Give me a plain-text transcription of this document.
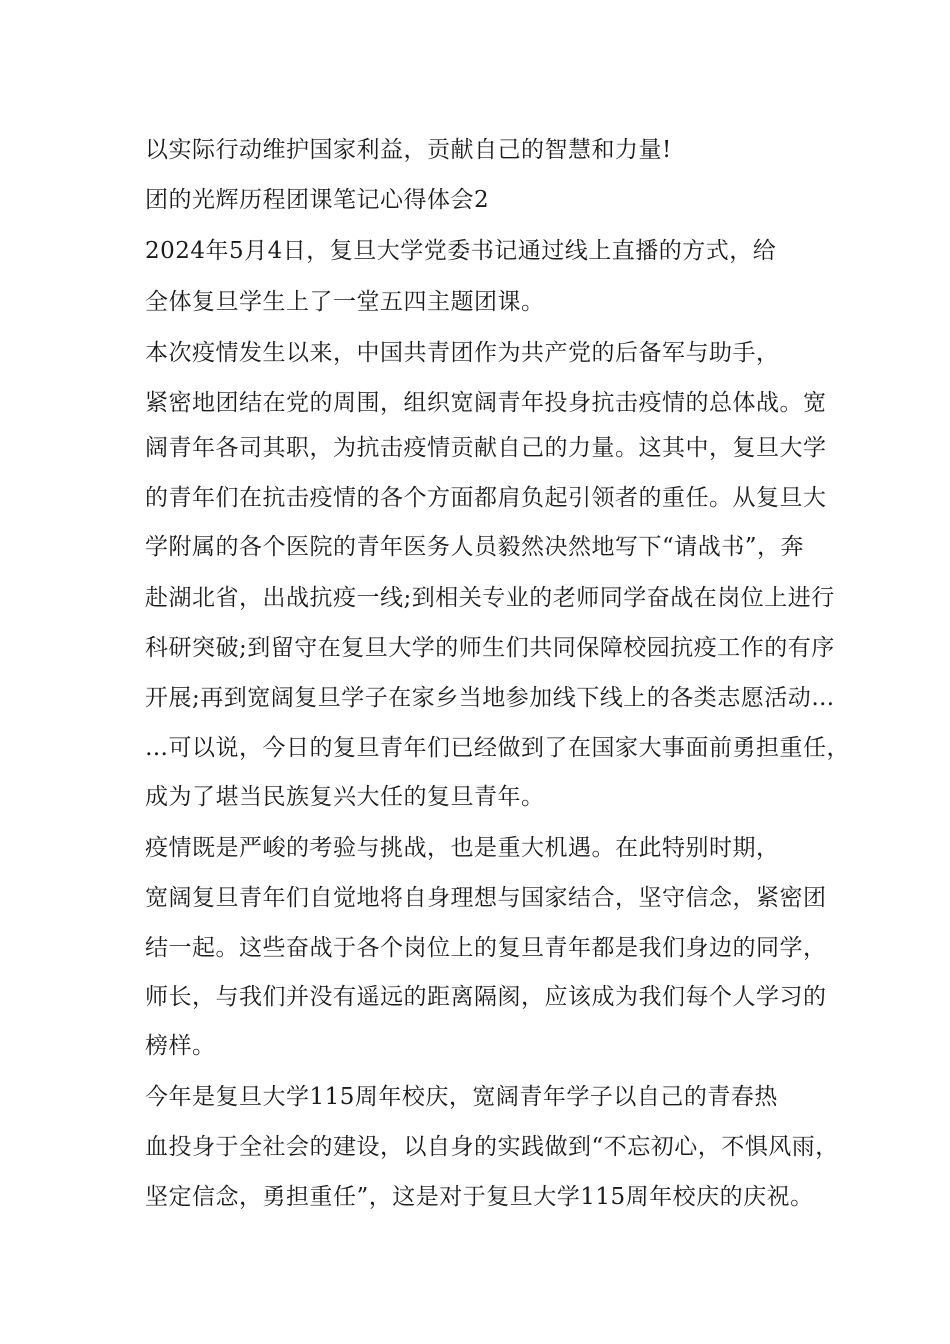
以实际行动维护国家利益，贡献自己的智慧和力量!
团的光辉历程团课笔记心得体会2
2024年5月4日，复旦大学党委书记通过线上直播的方式，给
全体复旦学生上了一堂五四主题团课。
本次疫情发生以来，中国共青团作为共产党的后备军与助手，
紧密地团结在党的周围，组织宽阔青年投身抗击疫情的总体战。宽
阔青年各司其职，为抗击疫情贡献自己的力量。这其中，复旦大学
的青年们在抗击疫情的各个方面都肩负起引领者的重任。从复旦大
学附属的各个医院的青年医务人员毅然决然地写下“请战书”，奔
赴湖北省，出战抗疫一线;到相关专业的老师同学奋战在岗位上进行
科研突破;到留守在复旦大学的师生们共同保障校园抗疫工作的有序
开展;再到宽阔复旦学子在家乡当地参加线下线上的各类志愿活动…
…可以说，今日的复旦青年们已经做到了在国家大事面前勇担重任，
成为了堪当民族复兴大任的复旦青年。
疫情既是严峻的考验与挑战，也是重大机遇。在此特别时期，
宽阔复旦青年们自觉地将自身理想与国家结合，坚守信念，紧密团
结一起。这些奋战于各个岗位上的复旦青年都是我们身边的同学，
师长，与我们并没有遥远的距离隔阂，应该成为我们每个人学习的
榜样。
今年是复旦大学115周年校庆，宽阔青年学子以自己的青春热
血投身于全社会的建设，以自身的实践做到“不忘初心，不惧风雨，
坚定信念，勇担重任”，这是对于复旦大学115周年校庆的庆祝。
